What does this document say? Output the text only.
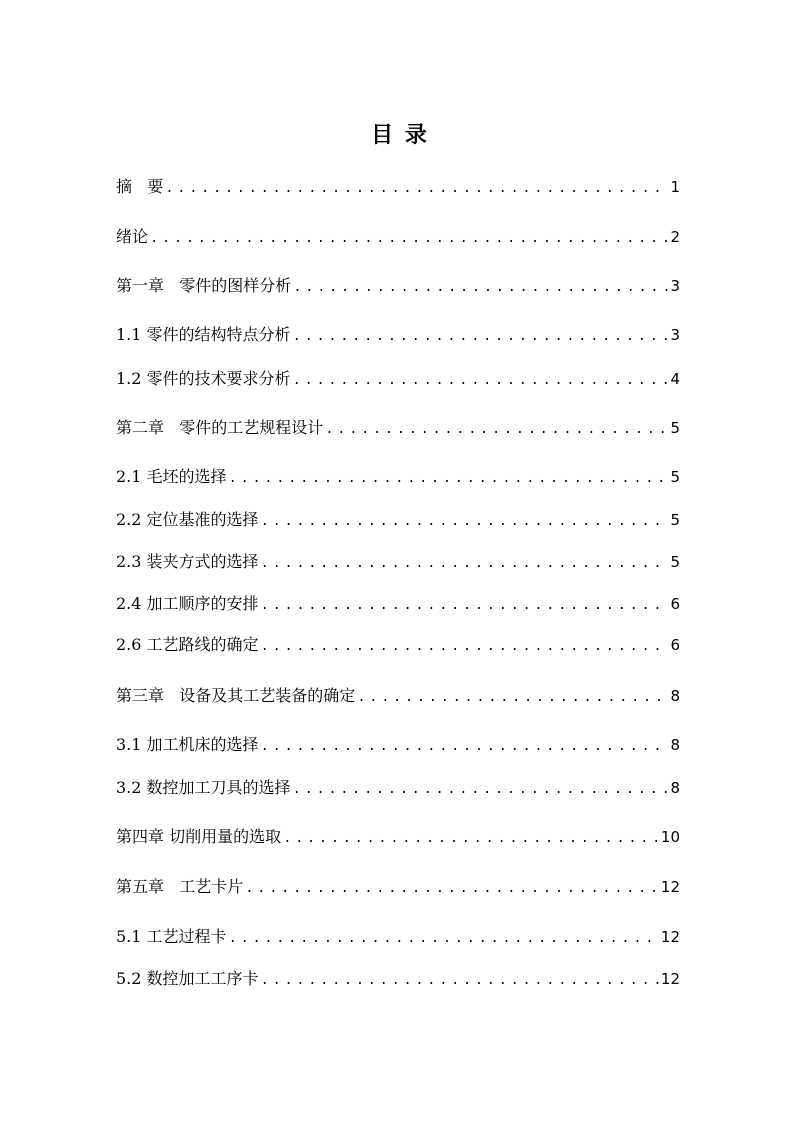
目 录
摘   要 .....	1
绪论 .....	2
第一章   零件的图样分析 .....	3
1.1 零件的结构特点分析 .....	3
1.2 零件的技术要求分析 .....	4
第二章   零件的工艺规程设计 .....	5
2.1 毛坯的选择 .....	5
2.2 定位基准的选择 .....	5
2.3 装夹方式的选择 .....	5
2.4 加工顺序的安排 .....	6
2.6 工艺路线的确定 .....	6
第三章   设备及其工艺装备的确定 .....	8
3.1 加工机床的选择 .....	8
3.2 数控加工刀具的选择 .....	8
第四章 切削用量的选取 .....	10
第五章   工艺卡片 .....	12
5.1 工艺过程卡 .....	12
5.2 数控加工工序卡 .....	12
